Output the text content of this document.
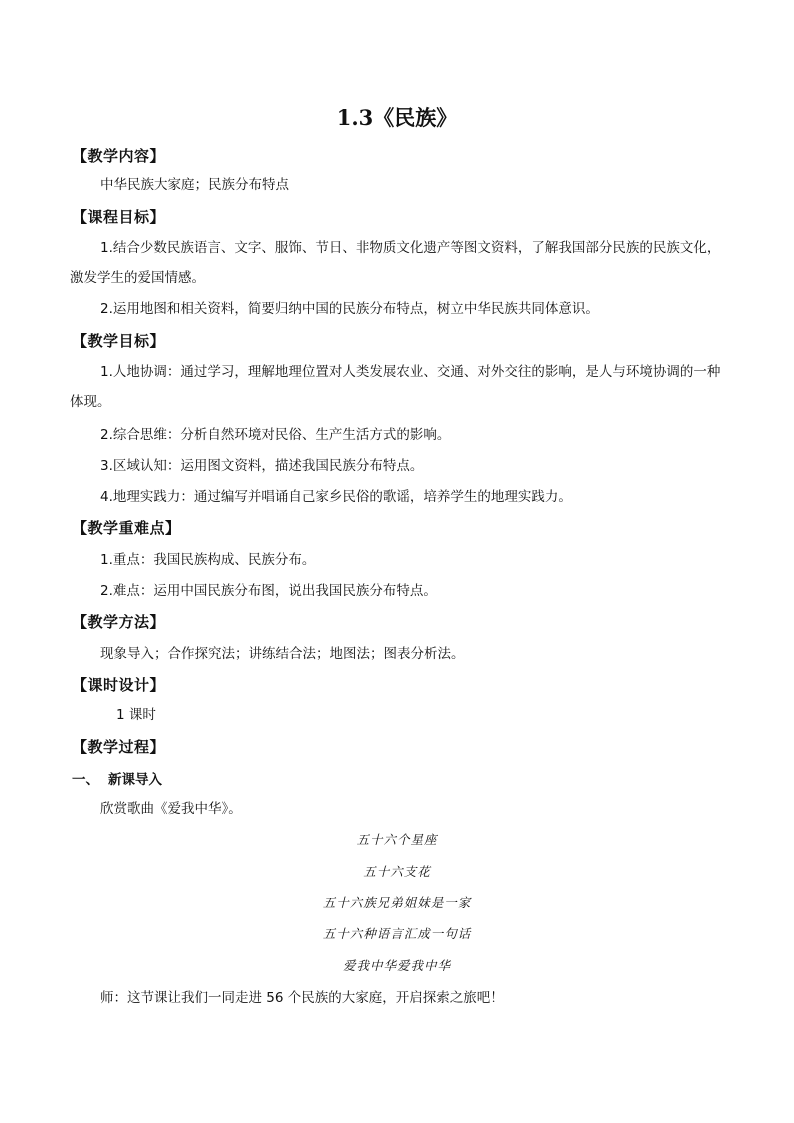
1.3《民族》
【教学内容】
中华民族大家庭；民族分布特点
【课程目标】
1.结合少数民族语言、文字、服饰、节日、非物质文化遗产等图文资料，了解我国部分民族的民族文化，激发学生的爱国情感。
2.运用地图和相关资料，简要归纳中国的民族分布特点，树立中华民族共同体意识。
【教学目标】
1.人地协调：通过学习，理解地理位置对人类发展农业、交通、对外交往的影响，是人与环境协调的一种体现。
2.综合思维：分析自然环境对民俗、生产生活方式的影响。
3.区域认知：运用图文资料，描述我国民族分布特点。
4.地理实践力：通过编写并唱诵自己家乡民俗的歌谣，培养学生的地理实践力。
【教学重难点】
1.重点：我国民族构成、民族分布。
2.难点：运用中国民族分布图，说出我国民族分布特点。
【教学方法】
现象导入；合作探究法；讲练结合法；地图法；图表分析法。
【课时设计】
1 课时
【教学过程】
一、 新课导入
欣赏歌曲《爱我中华》。
五十六个星座
五十六支花
五十六族兄弟姐妹是一家
五十六种语言汇成一句话
爱我中华爱我中华
师：这节课让我们一同走进 56 个民族的大家庭，开启探索之旅吧！
